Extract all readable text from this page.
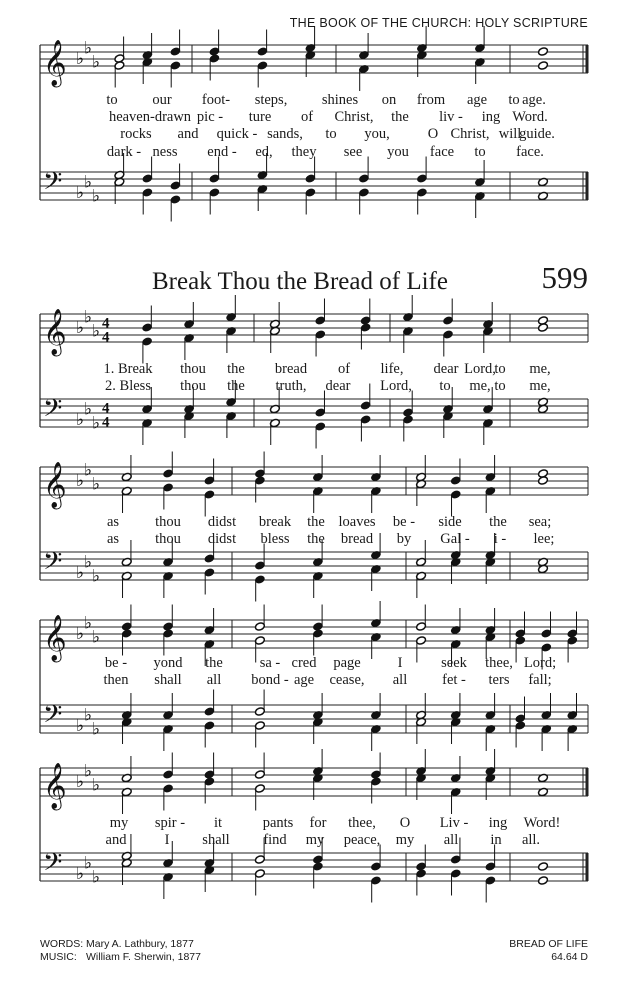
THE BOOK OF THE CHURCH: HOLY SCRIPTURE
𝄞 ♭
♭
♭
𝄢 ♭
♭
♭
𝄞 ♭
♭
♭ 4
4
𝄢 ♭
♭
♭
4
4
𝄞 ♭
♭
♭
𝄢 ♭
♭
♭
𝄞 ♭
♭
♭
𝄢 ♭
♭
♭
𝄞 ♭
♭
♭
𝄢 ♭
♭
♭
to our foot- steps, shines on from age to age.
heaven-drawn pic - ture of Christ, the liv - ing Word.
rocks and quick - sands, to you,	O Christ, will
guide.
dark - ness end - ed, they see you face to face.
Break Thou the Bread of Life	599
1. Break thou the bread of life, dear Lord,
to me,
2. Bless thou the truth, dear Lord, to me, to me,
as thou didst break the loaves be - side the sea;
as thou didst bless the bread by Gal - i - lee;
be - yond the	sa - cred page	I	seek thee, Lord;
then shall all bond - age cease, all fet - ters fall;
my spir - it	pants for thee, O Liv - ing Word!
and	I shall find my peace, my all in all.
WORDS: Mary A. Lathbury, 1877
MUSIC: William F. Sherwin, 1877
BREAD OF LIFE
64.64 D
